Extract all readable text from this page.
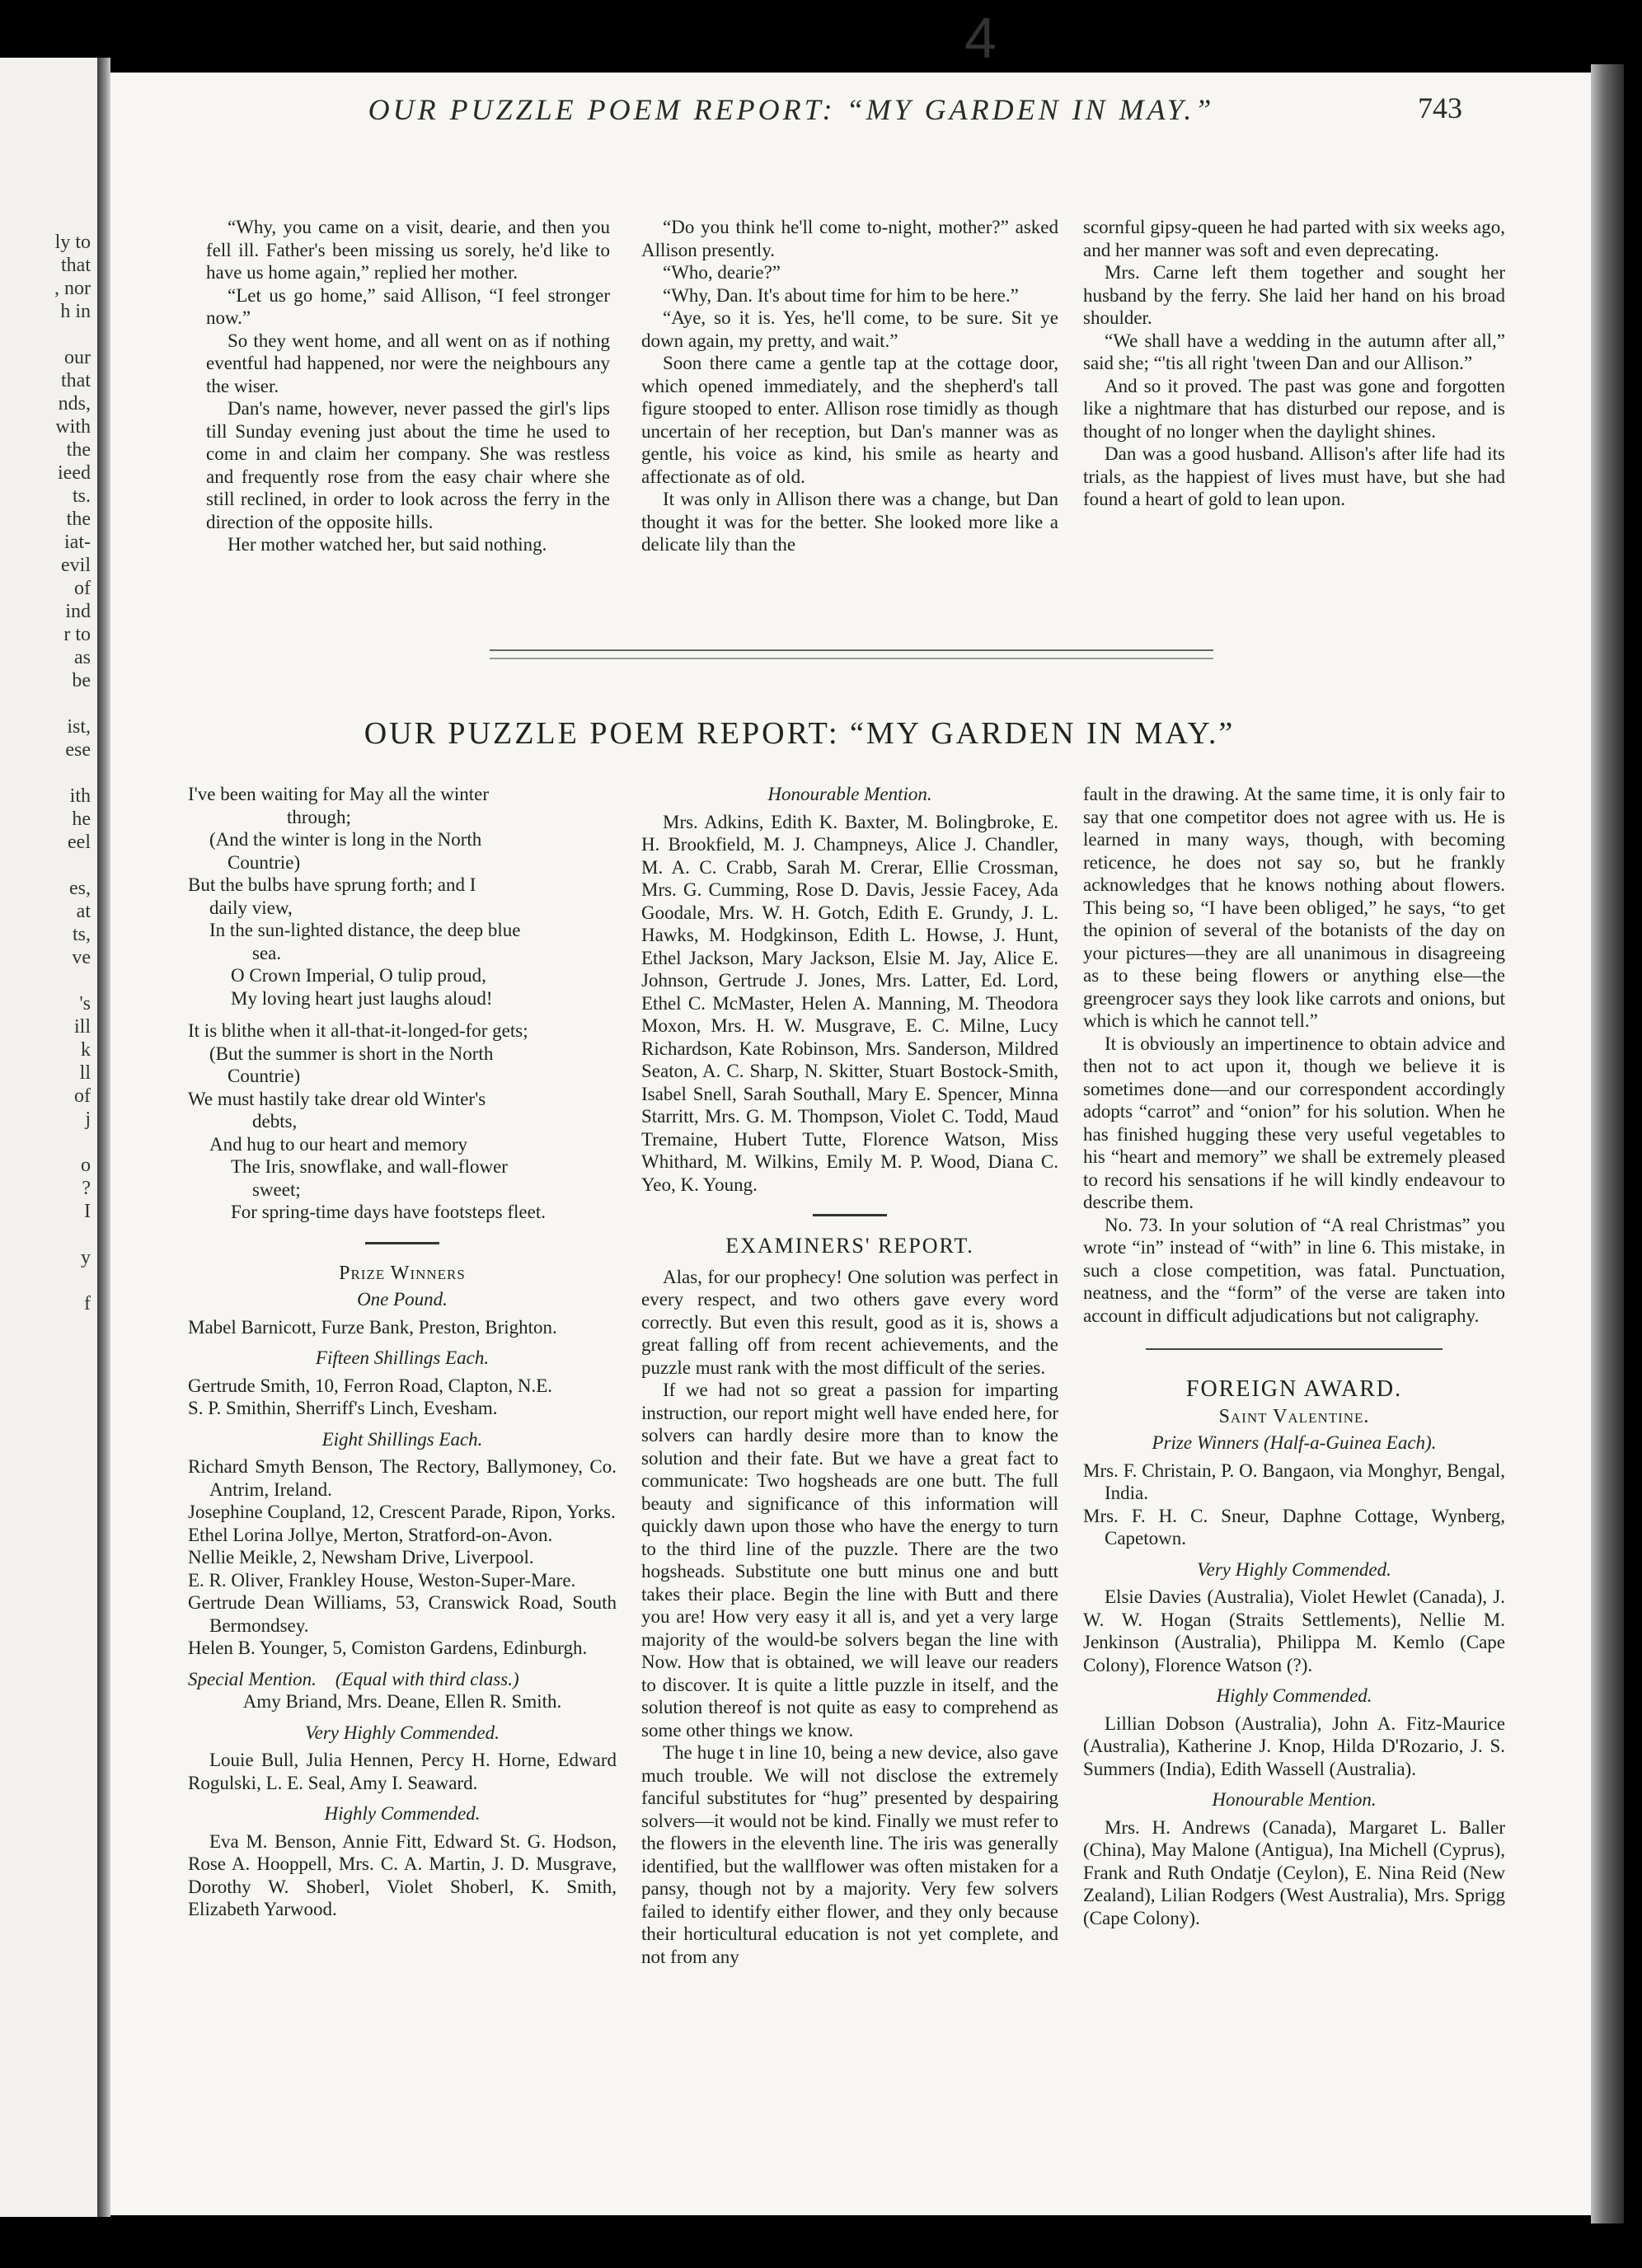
ly to
that
, nor
h in
our
that
nds,
with
the
ieed
ts.
the
iat-
evil
of
ind
r to
as
be
ist,
ese
ith
he
eel
es,
at
ts,
ve
's
ill
k
ll
of
j
o
?
I
y
f
4
OUR PUZZLE POEM REPORT: “MY GARDEN IN MAY.”	743

“Why, you came on a visit, dearie, and then you fell ill. Father's been missing us sorely, he'd like to have us home again,” replied her mother.

“Let us go home,” said Allison, “I feel stronger now.”

So they went home, and all went on as if nothing eventful had happened, nor were the neighbours any the wiser.

Dan's name, however, never passed the girl's lips till Sunday evening just about the time he used to come in and claim her company. She was restless and frequently rose from the easy chair where she still reclined, in order to look across the ferry in the direction of the opposite hills.

Her mother watched her, but said nothing.

“Do you think he'll come to-night, mother?” asked Allison presently.

“Who, dearie?”

“Why, Dan. It's about time for him to be here.”

“Aye, so it is. Yes, he'll come, to be sure. Sit ye down again, my pretty, and wait.”

Soon there came a gentle tap at the cottage door, which opened immediately, and the shepherd's tall figure stooped to enter. Allison rose timidly as though uncertain of her reception, but Dan's manner was as gentle, his voice as kind, his smile as hearty and affectionate as of old.

It was only in Allison there was a change, but Dan thought it was for the better. She looked more like a delicate lily than the

scornful gipsy-queen he had parted with six weeks ago, and her manner was soft and even deprecating.

Mrs. Carne left them together and sought her husband by the ferry. She laid her hand on his broad shoulder.

“We shall have a wedding in the autumn after all,” said she; “'tis all right 'tween Dan and our Allison.”

And so it proved. The past was gone and forgotten like a nightmare that has disturbed our repose, and is thought of no longer when the daylight shines.

Dan was a good husband. Allison's after life had its trials, as the happiest of lives must have, but she had found a heart of gold to lean upon.

OUR PUZZLE POEM REPORT: “MY GARDEN IN MAY.”
I've been waiting for May all the winter
through;
(And the winter is long in the North
Countrie)
But the bulbs have sprung forth; and I
daily view,
In the sun-lighted distance, the deep blue
sea.
O Crown Imperial, O tulip proud,
My loving heart just laughs aloud!
It is blithe when it all-that-it-longed-for gets;
(But the summer is short in the North
Countrie)
We must hastily take drear old Winter's
debts,
And hug to our heart and memory
The Iris, snowflake, and wall-flower
sweet;
For spring-time days have footsteps fleet.
Prize Winners
One Pound.

Mabel Barnicott, Furze Bank, Preston, Brighton.

Fifteen Shillings Each.

Gertrude Smith, 10, Ferron Road, Clapton, N.E.

S. P. Smithin, Sherriff's Linch, Evesham.

Eight Shillings Each.

Richard Smyth Benson, The Rectory, Ballymoney, Co. Antrim, Ireland.

Josephine Coupland, 12, Crescent Parade, Ripon, Yorks.

Ethel Lorina Jollye, Merton, Stratford-on-Avon.

Nellie Meikle, 2, Newsham Drive, Liverpool.

E. R. Oliver, Frankley House, Weston-Super-Mare.

Gertrude Dean Williams, 53, Cranswick Road, South Bermondsey.

Helen B. Younger, 5, Comiston Gardens, Edinburgh.

Special Mention. (Equal with third class.)

Amy Briand, Mrs. Deane, Ellen R. Smith.

Very Highly Commended.

Louie Bull, Julia Hennen, Percy H. Horne, Edward Rogulski, L. E. Seal, Amy I. Seaward.

Highly Commended.

Eva M. Benson, Annie Fitt, Edward St. G. Hodson, Rose A. Hooppell, Mrs. C. A. Martin, J. D. Musgrave, Dorothy W. Shoberl, Violet Shoberl, K. Smith, Elizabeth Yarwood.

Honourable Mention.

Mrs. Adkins, Edith K. Baxter, M. Bolingbroke, E. H. Brookfield, M. J. Champneys, Alice J. Chandler, M. A. C. Crabb, Sarah M. Crerar, Ellie Crossman, Mrs. G. Cumming, Rose D. Davis, Jessie Facey, Ada Goodale, Mrs. W. H. Gotch, Edith E. Grundy, J. L. Hawks, M. Hodgkinson, Edith L. Howse, J. Hunt, Ethel Jackson, Mary Jackson, Elsie M. Jay, Alice E. Johnson, Gertrude J. Jones, Mrs. Latter, Ed. Lord, Ethel C. McMaster, Helen A. Manning, M. Theodora Moxon, Mrs. H. W. Musgrave, E. C. Milne, Lucy Richardson, Kate Robinson, Mrs. Sanderson, Mildred Seaton, A. C. Sharp, N. Skitter, Stuart Bostock-Smith, Isabel Snell, Sarah Southall, Mary E. Spencer, Minna Starritt, Mrs. G. M. Thompson, Violet C. Todd, Maud Tremaine, Hubert Tutte, Florence Watson, Miss Whithard, M. Wilkins, Emily M. P. Wood, Diana C. Yeo, K. Young.

EXAMINERS' REPORT.

Alas, for our prophecy! One solution was perfect in every respect, and two others gave every word correctly. But even this result, good as it is, shows a great falling off from recent achievements, and the puzzle must rank with the most difficult of the series.

If we had not so great a passion for imparting instruction, our report might well have ended here, for solvers can hardly desire more than to know the solution and their fate. But we have a great fact to communicate: Two hogsheads are one butt. The full beauty and significance of this information will quickly dawn upon those who have the energy to turn to the third line of the puzzle. There are the two hogsheads. Substitute one butt minus one and butt takes their place. Begin the line with Butt and there you are! How very easy it all is, and yet a very large majority of the would-be solvers began the line with Now. How that is obtained, we will leave our readers to discover. It is quite a little puzzle in itself, and the solution thereof is not quite as easy to comprehend as some other things we know.

The huge t in line 10, being a new device, also gave much trouble. We will not disclose the extremely fanciful substitutes for “hug” presented by despairing solvers—it would not be kind. Finally we must refer to the flowers in the eleventh line. The iris was generally identified, but the wallflower was often mistaken for a pansy, though not by a majority. Very few solvers failed to identify either flower, and they only because their horticultural education is not yet complete, and not from any

fault in the drawing. At the same time, it is only fair to say that one competitor does not agree with us. He is learned in many ways, though, with becoming reticence, he does not say so, but he frankly acknowledges that he knows nothing about flowers. This being so, “I have been obliged,” he says, “to get the opinion of several of the botanists of the day on your pictures—they are all unanimous in disagreeing as to these being flowers or anything else—the greengrocer says they look like carrots and onions, but which is which he cannot tell.”

It is obviously an impertinence to obtain advice and then not to act upon it, though we believe it is sometimes done—and our correspondent accordingly adopts “carrot” and “onion” for his solution. When he has finished hugging these very useful vegetables to his “heart and memory” we shall be extremely pleased to record his sensations if he will kindly endeavour to describe them.

No. 73. In your solution of “A real Christmas” you wrote “in” instead of “with” in line 6. This mistake, in such a close competition, was fatal. Punctuation, neatness, and the “form” of the verse are taken into account in difficult adjudications but not caligraphy.

FOREIGN AWARD.
Saint Valentine.
Prize Winners (Half-a-Guinea Each).

Mrs. F. Christain, P. O. Bangaon, via Monghyr, Bengal, India.

Mrs. F. H. C. Sneur, Daphne Cottage, Wynberg, Capetown.

Very Highly Commended.

Elsie Davies (Australia), Violet Hewlet (Canada), J. W. W. Hogan (Straits Settlements), Nellie M. Jenkinson (Australia), Philippa M. Kemlo (Cape Colony), Florence Watson (?).

Highly Commended.

Lillian Dobson (Australia), John A. Fitz-Maurice (Australia), Katherine J. Knop, Hilda D'Rozario, J. S. Summers (India), Edith Wassell (Australia).

Honourable Mention.

Mrs. H. Andrews (Canada), Margaret L. Baller (China), May Malone (Antigua), Ina Michell (Cyprus), Frank and Ruth Ondatje (Ceylon), E. Nina Reid (New Zealand), Lilian Rodgers (West Australia), Mrs. Sprigg (Cape Colony).
